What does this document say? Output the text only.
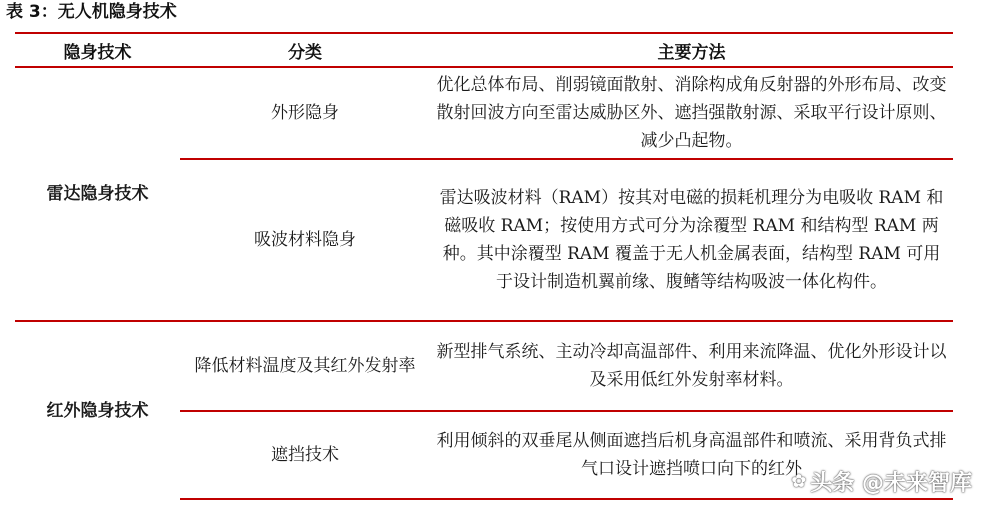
表 3：无人机隐身技术
隐身技术	分类	主要方法
雷达隐身技术	外形隐身	优化总体布局、削弱镜面散射、消除构成角反射器的外形布局、改变散射回波方向至雷达威胁区外、遮挡强散射源、采取平行设计原则、减少凸起物。
	吸波材料隐身	雷达吸波材料（RAM）按其对电磁的损耗机理分为电吸收 RAM 和磁吸收 RAM；按使用方式可分为涂覆型 RAM 和结构型 RAM 两种。其中涂覆型 RAM 覆盖于无人机金属表面，结构型 RAM 可用于设计制造机翼前缘、腹鳍等结构吸波一体化构件。
红外隐身技术	降低材料温度及其红外发射率	新型排气系统、主动冷却高温部件、利用来流降温、优化外形设计以及采用低红外发射率材料。
	遮挡技术	利用倾斜的双垂尾从侧面遮挡后机身高温部件和喷流、采用背负式排气口设计遮挡喷口向下的红外
✿ 头条 @未来智库
